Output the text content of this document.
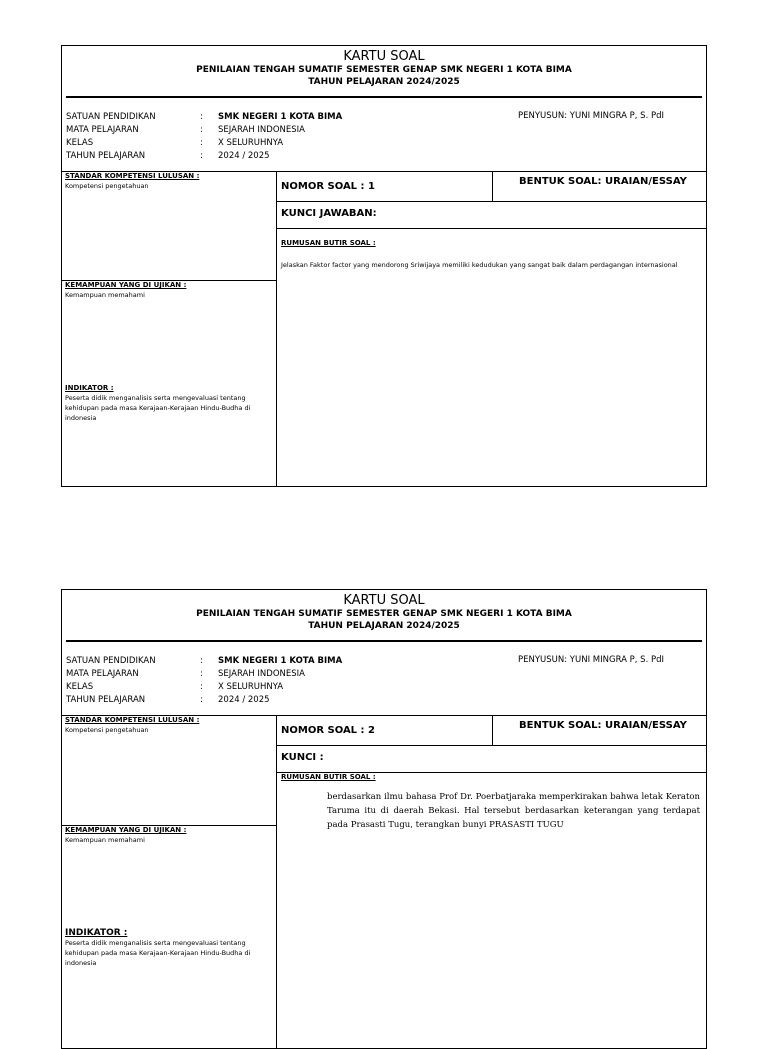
KARTU SOAL
PENILAIAN TENGAH SUMATIF SEMESTER GENAP SMK NEGERI 1 KOTA BIMA
TAHUN PELAJARAN 2024/2025
SATUAN PENDIDIKAN	: SMK NEGERI 1 KOTA BIMA
MATA PELAJARAN	: SEJARAH INDONESIA
KELAS	: X SELURUHNYA
TAHUN PELAJARAN	: 2024 / 2025
PENYUSUN: YUNI MINGRA P, S. PdI
STANDAR KOMPETENSI LULUSAN :
Kompetensi pengetahuan
KEMAMPUAN YANG DI UJIKAN :
Kemampuan memahami
INDIKATOR :
Peserta didik menganalisis serta mengevaluasi tentang kehidupan pada masa Kerajaan-Kerajaan Hindu-Budha di indonesia
NOMOR SOAL : 1	BENTUK SOAL: URAIAN/ESSAY
KUNCI JAWABAN:
RUMUSAN BUTIR SOAL :
Jelaskan Faktor factor yang mendorong Sriwijaya memiliki kedudukan yang sangat baik dalam perdagangan internasional
KARTU SOAL
PENILAIAN TENGAH SUMATIF SEMESTER GENAP SMK NEGERI 1 KOTA BIMA
TAHUN PELAJARAN 2024/2025
SATUAN PENDIDIKAN	: SMK NEGERI 1 KOTA BIMA
MATA PELAJARAN	: SEJARAH INDONESIA
KELAS	: X SELURUHNYA
TAHUN PELAJARAN	: 2024 / 2025
PENYUSUN: YUNI MINGRA P, S. PdI
STANDAR KOMPETENSI LULUSAN :
Kompetensi pengetahuan
KEMAMPUAN YANG DI UJIKAN :
Kemampuan memahami
INDIKATOR :
Peserta didik menganalisis serta mengevaluasi tentang kehidupan pada masa Kerajaan-Kerajaan Hindu-Budha di indonesia
NOMOR SOAL : 2	BENTUK SOAL: URAIAN/ESSAY
KUNCI :
RUMUSAN BUTIR SOAL :
berdasarkan ilmu bahasa Prof Dr. Poerbatjaraka memperkirakan bahwa letak Keraton Taruma itu di daerah Bekasi. Hal tersebut berdasarkan keterangan yang terdapat pada Prasasti Tugu, terangkan bunyi PRASASTI TUGU
